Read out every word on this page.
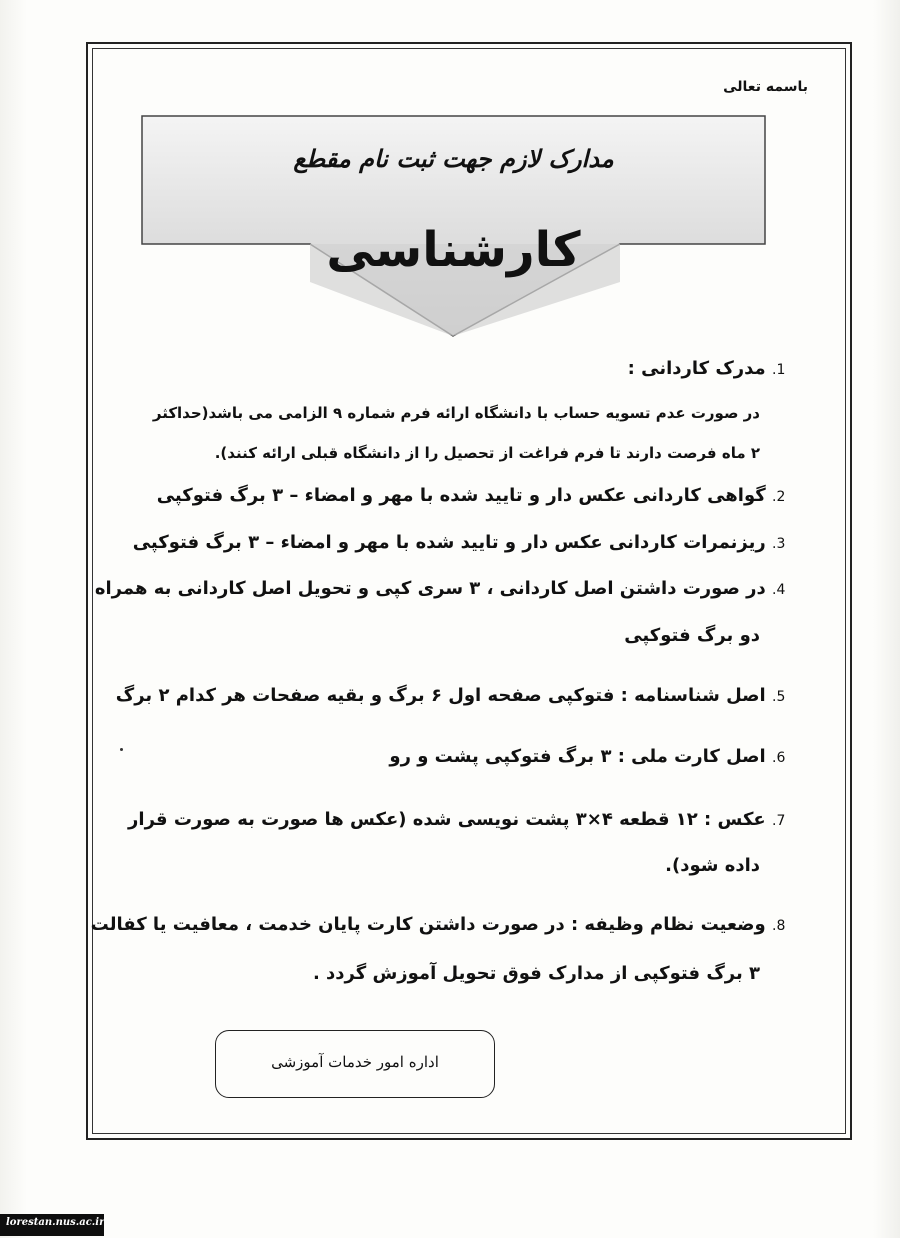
باسمه تعالی
مدارک لازم جهت ثبت نام مقطع
کارشناسی
1. مدرک کاردانی :
در صورت عدم تسویه حساب با دانشگاه ارائه فرم شماره ۹ الزامی می باشد(حداکثر
۲ ماه فرصت دارند تا فرم فراغت از تحصیل را از دانشگاه قبلی ارائه کنند).
2. گواهی کاردانی عکس دار و تایید شده با مهر و امضاء – ۳ برگ فتوکپی
3. ریزنمرات کاردانی عکس دار و تایید شده با مهر و امضاء – ۳ برگ فتوکپی
4. در صورت داشتن اصل کاردانی ، ۳ سری کپی و تحویل اصل کاردانی به همراه
دو برگ فتوکپی
5. اصل شناسنامه : فتوکپی صفحه اول ۶ برگ و بقیه صفحات هر کدام ۲ برگ
6. اصل کارت ملی : ۳ برگ فتوکپی پشت و رو
7. عکس : ۱۲ قطعه ۴×۳ پشت نویسی شده (عکس ها صورت به صورت قرار
داده شود).
8. وضعیت نظام وظیفه : در صورت داشتن کارت پایان خدمت ، معافیت یا کفالت
۳ برگ فتوکپی از مدارک فوق تحویل آموزش گردد .
اداره امور خدمات آموزشی
lorestan.nus.ac.ir
